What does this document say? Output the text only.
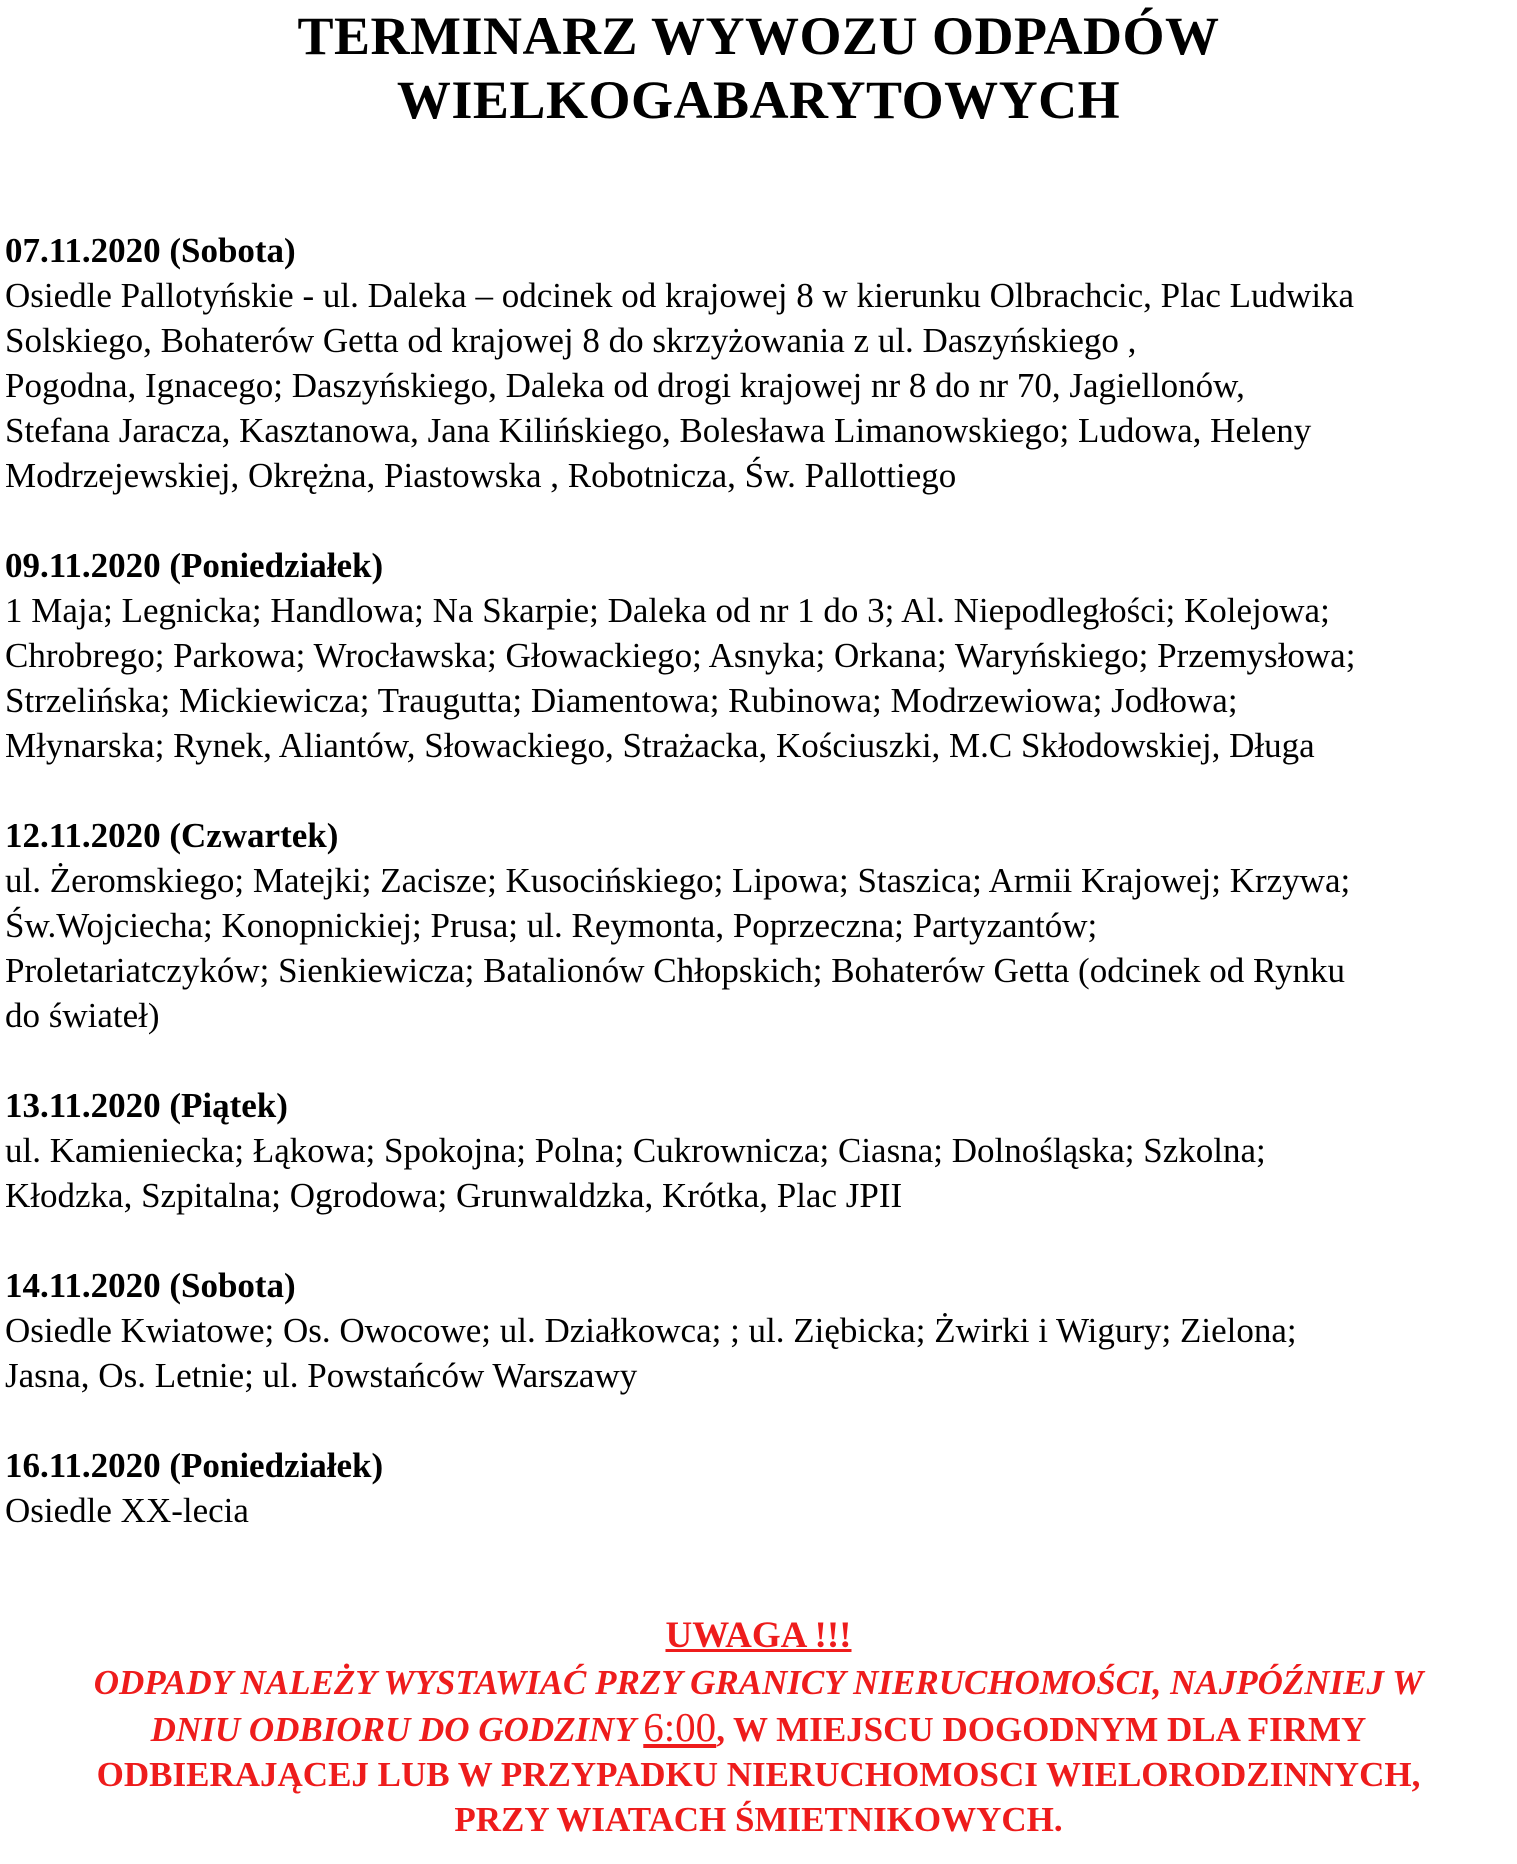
TERMINARZ WYWOZU ODPADÓW
WIELKOGABARYTOWYCH
07.11.2020 (Sobota)
Osiedle Pallotyńskie - ul. Daleka – odcinek od krajowej 8 w kierunku Olbrachcic, Plac Ludwika
Solskiego, Bohaterów Getta od krajowej 8 do skrzyżowania z ul. Daszyńskiego ,
Pogodna, Ignacego; Daszyńskiego, Daleka od drogi krajowej nr 8 do nr 70, Jagiellonów,
Stefana Jaracza, Kasztanowa, Jana Kilińskiego, Bolesława Limanowskiego; Ludowa, Heleny
Modrzejewskiej, Okrężna, Piastowska , Robotnicza, Św. Pallottiego
09.11.2020 (Poniedziałek)
1 Maja; Legnicka; Handlowa; Na Skarpie; Daleka od nr 1 do 3; Al. Niepodległości; Kolejowa;
Chrobrego; Parkowa; Wrocławska; Głowackiego; Asnyka; Orkana; Waryńskiego; Przemysłowa;
Strzelińska; Mickiewicza; Traugutta; Diamentowa; Rubinowa; Modrzewiowa; Jodłowa;
Młynarska; Rynek, Aliantów, Słowackiego, Strażacka, Kościuszki, M.C Skłodowskiej, Długa
12.11.2020 (Czwartek)
ul. Żeromskiego; Matejki; Zacisze; Kusocińskiego; Lipowa; Staszica; Armii Krajowej; Krzywa;
Św.Wojciecha; Konopnickiej; Prusa; ul. Reymonta, Poprzeczna; Partyzantów;
Proletariatczyków; Sienkiewicza; Batalionów Chłopskich; Bohaterów Getta (odcinek od Rynku
do świateł)
13.11.2020 (Piątek)
ul. Kamieniecka; Łąkowa; Spokojna; Polna; Cukrownicza; Ciasna; Dolnośląska; Szkolna;
Kłodzka, Szpitalna; Ogrodowa; Grunwaldzka, Krótka, Plac JPII
14.11.2020 (Sobota)
Osiedle Kwiatowe; Os. Owocowe; ul. Działkowca; ; ul. Ziębicka; Żwirki i Wigury; Zielona;
Jasna, Os. Letnie; ul. Powstańców Warszawy
16.11.2020 (Poniedziałek)
Osiedle XX-lecia
UWAGA !!!
ODPADY NALEŻY WYSTAWIAĆ PRZY GRANICY NIERUCHOMOŚCI, NAJPÓŹNIEJ W
DNIU ODBIORU DO GODZINY 6:00, W MIEJSCU DOGODNYM DLA FIRMY
ODBIERAJĄCEJ LUB W PRZYPADKU NIERUCHOMOSCI WIELORODZINNYCH,
PRZY WIATACH ŚMIETNIKOWYCH.
